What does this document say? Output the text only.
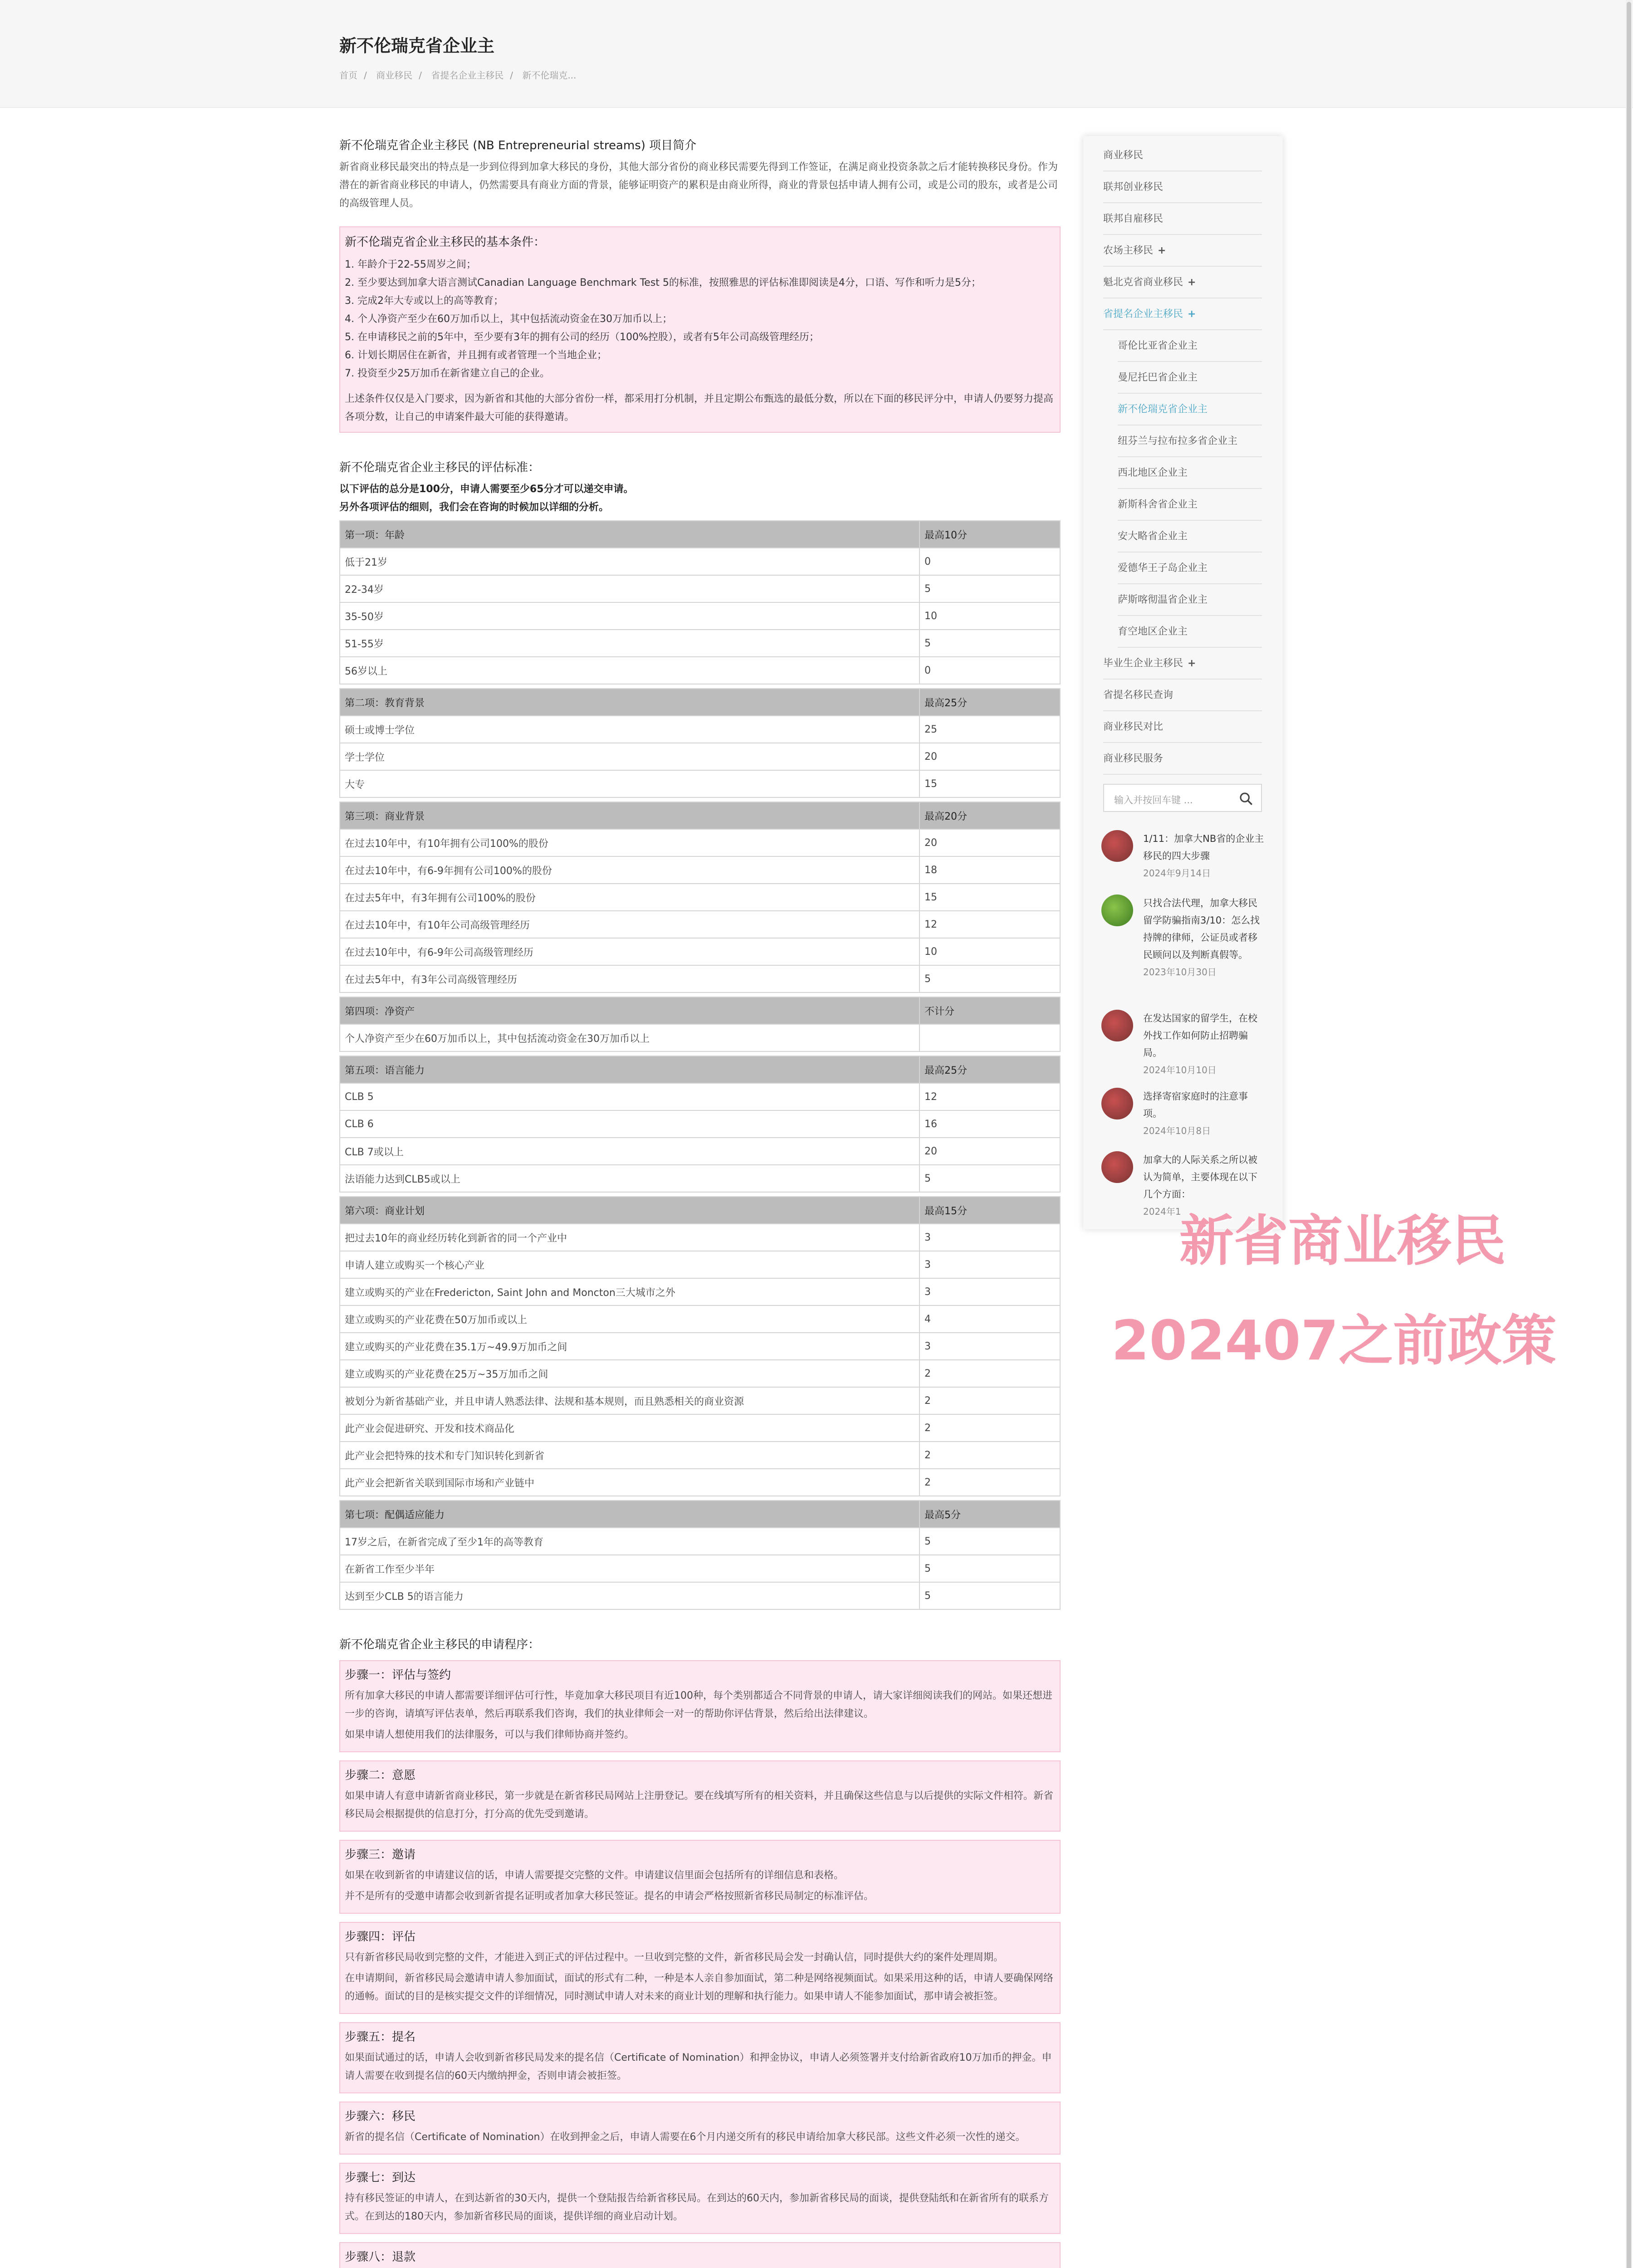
新不伦瑞克省企业主
首页 / 商业移民 / 省提名企业主移民 / 新不伦瑞克...
新不伦瑞克省企业主移民 (NB Entrepreneurial streams) 项目简介
新省商业移民最突出的特点是一步到位得到加拿大移民的身份，其他大部分省份的商业移民需要先得到工作签证，在满足商业投资条款之后才能转换移民身份。作为潜在的新省商业移民的申请人，仍然需要具有商业方面的背景，能够证明资产的累积是由商业所得，商业的背景包括申请人拥有公司，或是公司的股东，或者是公司的高级管理人员。
新不伦瑞克省企业主移民的基本条件：
1. 年龄介于22-55周岁之间；
2. 至少要达到加拿大语言测试Canadian Language Benchmark Test 5的标准，按照雅思的评估标准即阅读是4分，口语、写作和听力是5分；
3. 完成2年大专或以上的高等教育；
4. 个人净资产至少在60万加币以上，其中包括流动资金在30万加币以上；
5. 在申请移民之前的5年中，至少要有3年的拥有公司的经历（100%控股），或者有5年公司高级管理经历；
6. 计划长期居住在新省，并且拥有或者管理一个当地企业；
7. 投资至少25万加币在新省建立自己的企业。
上述条件仅仅是入门要求，因为新省和其他的大部分省份一样，都采用打分机制，并且定期公布甄选的最低分数，所以在下面的移民评分中，申请人仍要努力提高各项分数，让自己的申请案件最大可能的获得邀请。
新不伦瑞克省企业主移民的评估标准：
以下评估的总分是100分，申请人需要至少65分才可以递交申请。
另外各项评估的细则，我们会在咨询的时候加以详细的分析。
第一项：年龄	最高10分
低于21岁	0
22-34岁	5
35-50岁	10
51-55岁	5
56岁以上	0

第二项：教育背景	最高25分
硕士或博士学位	25
学士学位	20
大专	15

第三项：商业背景	最高20分
在过去10年中，有10年拥有公司100%的股份	20
在过去10年中，有6-9年拥有公司100%的股份	18
在过去5年中，有3年拥有公司100%的股份	15
在过去10年中，有10年公司高级管理经历	12
在过去10年中，有6-9年公司高级管理经历	10
在过去5年中，有3年公司高级管理经历	5

第四项：净资产	不计分
个人净资产至少在60万加币以上，其中包括流动资金在30万加币以上	

第五项：语言能力	最高25分
CLB 5	12
CLB 6	16
CLB 7或以上	20
法语能力达到CLB5或以上	5

第六项：商业计划	最高15分
把过去10年的商业经历转化到新省的同一个产业中	3
申请人建立或购买一个核心产业	3
建立或购买的产业在Fredericton, Saint John and Moncton三大城市之外	3
建立或购买的产业花费在50万加币或以上	4
建立或购买的产业花费在35.1万~49.9万加币之间	3
建立或购买的产业花费在25万~35万加币之间	2
被划分为新省基础产业，并且申请人熟悉法律、法规和基本规则，而且熟悉相关的商业资源	2
此产业会促进研究、开发和技术商品化	2
此产业会把特殊的技术和专门知识转化到新省	2
此产业会把新省关联到国际市场和产业链中	2

第七项：配偶适应能力	最高5分
17岁之后，在新省完成了至少1年的高等教育	5
在新省工作至少半年	5
达到至少CLB 5的语言能力	5
新不伦瑞克省企业主移民的申请程序：
步骤一：评估与签约
所有加拿大移民的申请人都需要详细评估可行性，毕竟加拿大移民项目有近100种，每个类别都适合不同背景的申请人，请大家详细阅读我们的网站。如果还想进一步的咨询，请填写评估表单，然后再联系我们咨询，我们的执业律师会一对一的帮助你评估背景，然后给出法律建议。
如果申请人想使用我们的法律服务，可以与我们律师协商并签约。
步骤二：意愿
如果申请人有意申请新省商业移民，第一步就是在新省移民局网站上注册登记。要在线填写所有的相关资料，并且确保这些信息与以后提供的实际文件相符。新省移民局会根据提供的信息打分，打分高的优先受到邀请。
步骤三：邀请
如果在收到新省的申请建议信的话，申请人需要提交完整的文件。申请建议信里面会包括所有的详细信息和表格。
并不是所有的受邀申请都会收到新省提名证明或者加拿大移民签证。提名的申请会严格按照新省移民局制定的标准评估。
步骤四：评估
只有新省移民局收到完整的文件，才能进入到正式的评估过程中。一旦收到完整的文件，新省移民局会发一封确认信，同时提供大约的案件处理周期。
在申请期间，新省移民局会邀请申请人参加面试，面试的形式有二种，一种是本人亲自参加面试，第二种是网络视频面试。如果采用这种的话，申请人要确保网络的通畅。面试的目的是核实提交文件的详细情况，同时测试申请人对未来的商业计划的理解和执行能力。如果申请人不能参加面试，那申请会被拒签。
步骤五：提名
如果面试通过的话，申请人会收到新省移民局发来的提名信（Certificate of Nomination）和押金协议，申请人必须签署并支付给新省政府10万加币的押金。申请人需要在收到提名信的60天内缴纳押金，否则申请会被拒签。
步骤六：移民
新省的提名信（Certificate of Nomination）在收到押金之后，申请人需要在6个月内递交所有的移民申请给加拿大移民部。这些文件必须一次性的递交。
步骤七：到达
持有移民签证的申请人，在到达新省的30天内，提供一个登陆报告给新省移民局。在到达的60天内，参加新省移民局的面谈，提供登陆纸和在新省所有的联系方式。在到达的180天内，参加新省移民局的面谈，提供详细的商业启动计划。
步骤八：退款
商业移民
联邦创业移民
联邦自雇移民
农场主移民 +
魁北克省商业移民 +
省提名企业主移民 +
哥伦比亚省企业主
曼尼托巴省企业主
新不伦瑞克省企业主
纽芬兰与拉布拉多省企业主
西北地区企业主
新斯科舍省企业主
安大略省企业主
爱德华王子岛企业主
萨斯喀彻温省企业主
育空地区企业主
毕业生企业主移民 +
省提名移民查询
商业移民对比
商业移民服务
输入并按回车键 ...
1/11：加拿大NB省的企业主移民的四大步骤
2024年9月14日
只找合法代理，加拿大移民留学防骗指南3/10：怎么找持牌的律师，公证员或者移民顾问以及判断真假等。
2023年10月30日
在发达国家的留学生，在校外找工作如何防止招聘骗局。
2024年10月10日
选择寄宿家庭时的注意事项。
2024年10月8日
加拿大的人际关系之所以被认为简单，主要体现在以下几个方面：
2024年1
新省商业移民
202407之前政策
